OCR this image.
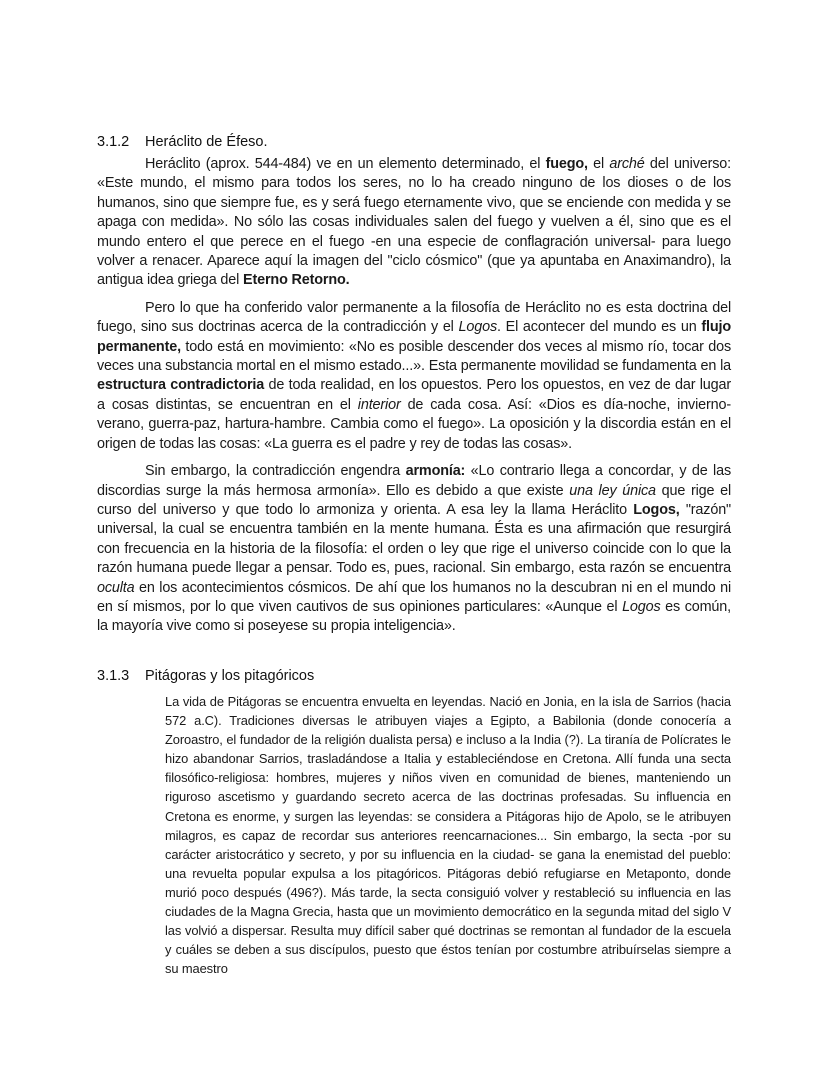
3.1.2 Heráclito de Éfeso.

Heráclito (aprox. 544-484) ve en un elemento determinado, el fuego, el arché del universo: «Este mundo, el mismo para todos los seres, no lo ha creado ninguno de los dioses o de los humanos, sino que siempre fue, es y será fuego eternamente vivo, que se enciende con medida y se apaga con medida». No sólo las cosas individuales salen del fuego y vuelven a él, sino que es el mundo entero el que perece en el fuego -en una especie de conflagración universal- para luego volver a renacer. Aparece aquí la imagen del "ciclo cósmico" (que ya apuntaba en Anaximandro), la antigua idea griega del Eterno Retorno.

Pero lo que ha conferido valor permanente a la filosofía de Heráclito no es esta doctrina del fuego, sino sus doctrinas acerca de la contradicción y el Logos. El acontecer del mundo es un flujo permanente, todo está en movimiento: «No es posible descender dos veces al mismo río, tocar dos veces una substancia mortal en el mismo estado...». Esta permanente movilidad se fundamenta en la estructura contradictoria de toda realidad, en los opuestos. Pero los opuestos, en vez de dar lugar a cosas distintas, se encuentran en el interior de cada cosa. Así: «Dios es día-noche, invierno-verano, guerra-paz, hartura-hambre. Cambia como el fuego». La oposición y la discordia están en el origen de todas las cosas: «La guerra es el padre y rey de todas las cosas».

Sin embargo, la contradicción engendra armonía: «Lo contrario llega a concordar, y de las discordias surge la más hermosa armonía». Ello es debido a que existe una ley única que rige el curso del universo y que todo lo armoniza y orienta. A esa ley la llama Heráclito Logos, "razón" universal, la cual se encuentra también en la mente humana. Ésta es una afirmación que resurgirá con frecuencia en la historia de la filosofía: el orden o ley que rige el universo coincide con lo que la razón humana puede llegar a pensar. Todo es, pues, racional. Sin embargo, esta razón se encuentra oculta en los acontecimientos cósmicos. De ahí que los humanos no la descubran ni en el mundo ni en sí mismos, por lo que viven cautivos de sus opiniones particulares: «Aunque el Logos es común, la mayoría vive como si poseyese su propia inteligencia».

3.1.3 Pitágoras y los pitagóricos

La vida de Pitágoras se encuentra envuelta en leyendas. Nació en Jonia, en la isla de Sarrios (hacia 572 a.C). Tradiciones diversas le atribuyen viajes a Egipto, a Babilonia (donde conocería a Zoroastro, el fundador de la religión dualista persa) e incluso a la India (?). La tiranía de Polícrates le hizo abandonar Sarrios, trasladándose a Italia y estableciéndose en Cretona. Allí funda una secta filosófico-religiosa: hombres, mujeres y niños viven en comunidad de bienes, manteniendo un riguroso ascetismo y guardando secreto acerca de las doctrinas profesadas. Su influencia en Cretona es enorme, y surgen las leyendas: se considera a Pitágoras hijo de Apolo, se le atribuyen milagros, es capaz de recordar sus anteriores reencarnaciones... Sin embargo, la secta -por su carácter aristocrático y secreto, y por su influencia en la ciudad- se gana la enemistad del pueblo: una revuelta popular expulsa a los pitagóricos. Pitágoras debió refugiarse en Metaponto, donde murió poco después (496?). Más tarde, la secta consiguió volver y restableció su influencia en las ciudades de la Magna Grecia, hasta que un movimiento democrático en la segunda mitad del siglo V las volvió a dispersar. Resulta muy difícil saber qué doctrinas se remontan al fundador de la escuela y cuáles se deben a sus discípulos, puesto que éstos tenían por costumbre atribuírselas siempre a su maestro
